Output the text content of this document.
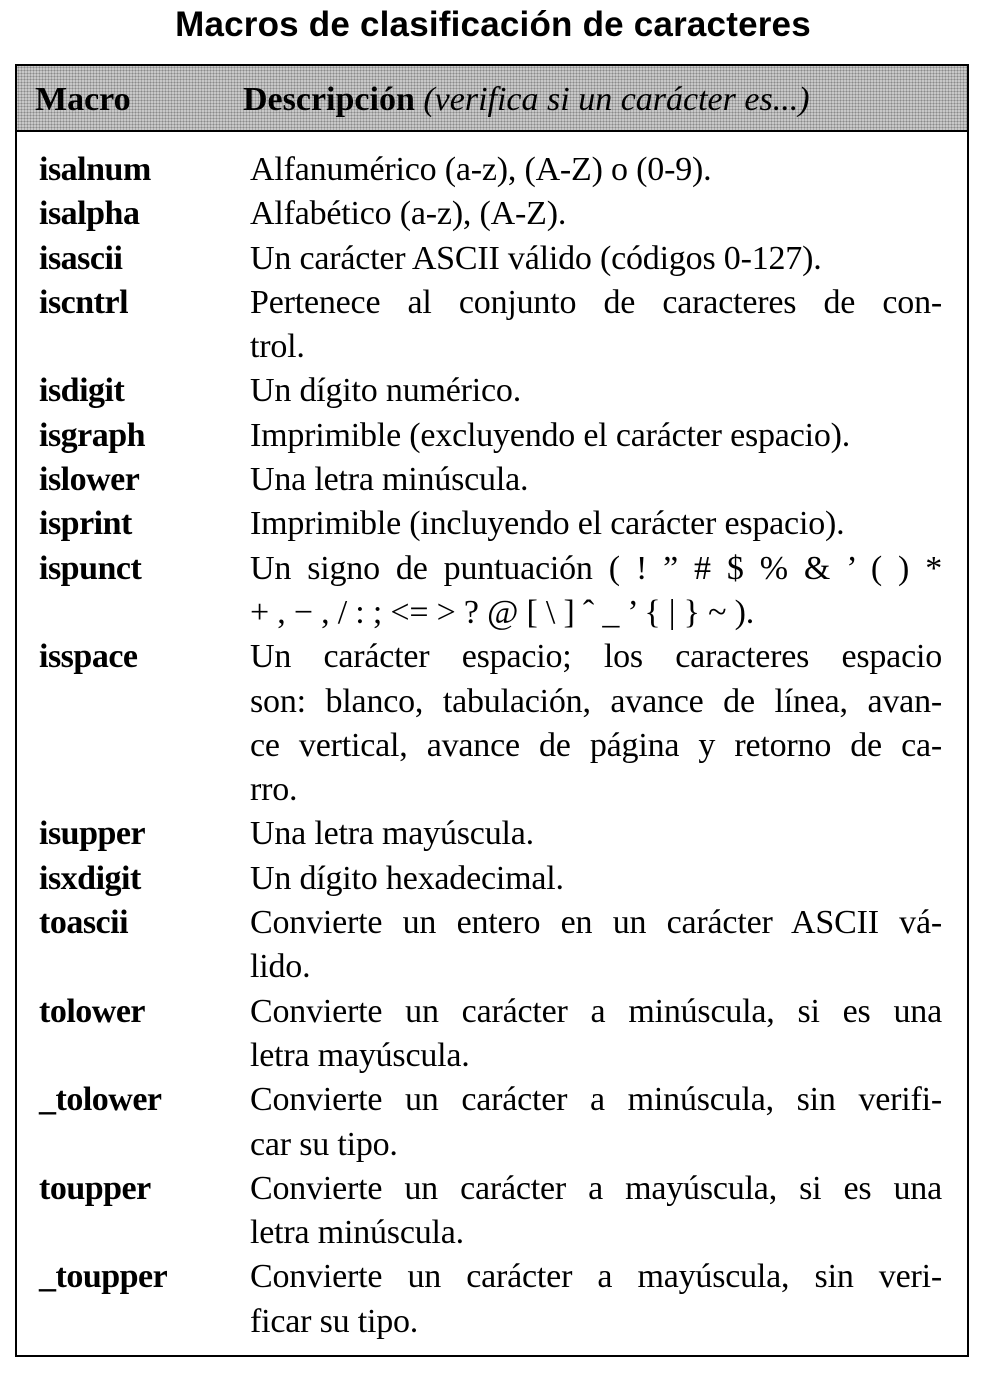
Macros de clasificación de caracteres
Macro	Descripción (verifica si un carácter es...)
isalnum	Alfanumérico (a-z), (A-Z) o (0-9).
isalpha	Alfabético (a-z), (A-Z).
isascii	Un carácter ASCII válido (códigos 0-127).
iscntrl	Pertenece al conjunto de caracteres de con-
trol.
isdigit	Un dígito numérico.
isgraph	Imprimible (excluyendo el carácter espacio).
islower	Una letra minúscula.
isprint	Imprimible (incluyendo el carácter espacio).
ispunct	Un signo de puntuación ( ! ” # $ % & ’ ( ) *
+ , − , / : ; <= > ? @ [ \ ] ˆ _ ’ { | } ~ ).
isspace	Un carácter espacio; los caracteres espacio
son: blanco, tabulación, avance de línea, avan-
ce vertical, avance de página y retorno de ca-
rro.
isupper	Una letra mayúscula.
isxdigit	Un dígito hexadecimal.
toascii	Convierte un entero en un carácter ASCII vá-
lido.
tolower	Convierte un carácter a minúscula, si es una
letra mayúscula.
_tolower	Convierte un carácter a minúscula, sin verifi-
car su tipo.
toupper	Convierte un carácter a mayúscula, si es una
letra minúscula.
_toupper	Convierte un carácter a mayúscula, sin veri-
ficar su tipo.
